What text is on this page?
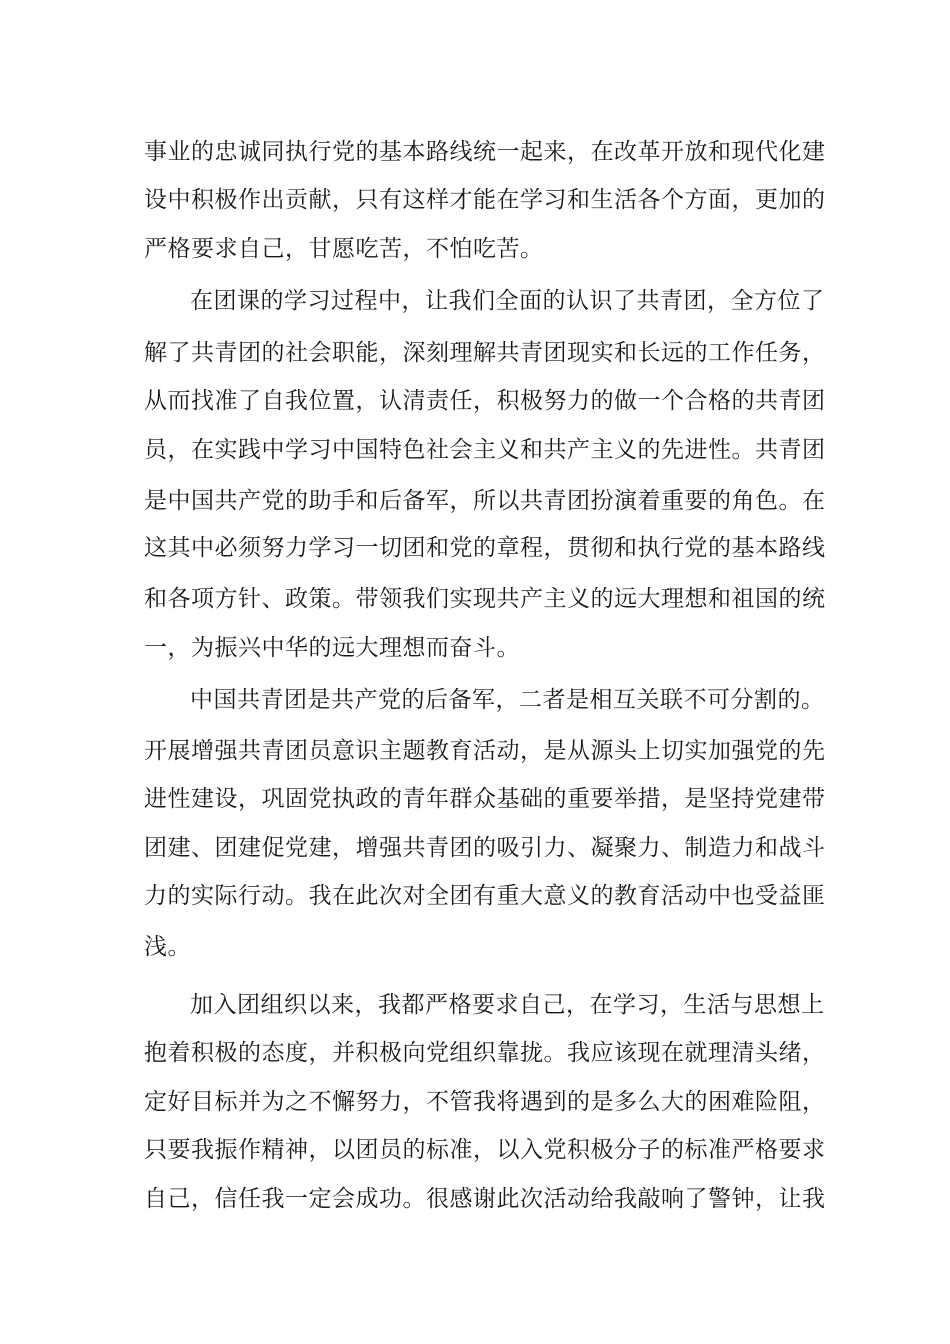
事业的忠诚同执行党的基本路线统一起来，在改革开放和现代化建
设中积极作出贡献，只有这样才能在学习和生活各个方面，更加的
严格要求自己，甘愿吃苦，不怕吃苦。
在团课的学习过程中，让我们全面的认识了共青团，全方位了
解了共青团的社会职能，深刻理解共青团现实和长远的工作任务，
从而找准了自我位置，认清责任，积极努力的做一个合格的共青团
员，在实践中学习中国特色社会主义和共产主义的先进性。共青团
是中国共产党的助手和后备军，所以共青团扮演着重要的角色。在
这其中必须努力学习一切团和党的章程，贯彻和执行党的基本路线
和各项方针、政策。带领我们实现共产主义的远大理想和祖国的统
一，为振兴中华的远大理想而奋斗。
中国共青团是共产党的后备军，二者是相互关联不可分割的。
开展增强共青团员意识主题教育活动，是从源头上切实加强党的先
进性建设，巩固党执政的青年群众基础的重要举措，是坚持党建带
团建、团建促党建，增强共青团的吸引力、凝聚力、制造力和战斗
力的实际行动。我在此次对全团有重大意义的教育活动中也受益匪
浅。
加入团组织以来，我都严格要求自己，在学习，生活与思想上
抱着积极的态度，并积极向党组织靠拢。我应该现在就理清头绪，
定好目标并为之不懈努力，不管我将遇到的是多么大的困难险阻，
只要我振作精神，以团员的标准，以入党积极分子的标准严格要求
自己，信任我一定会成功。很感谢此次活动给我敲响了警钟，让我
